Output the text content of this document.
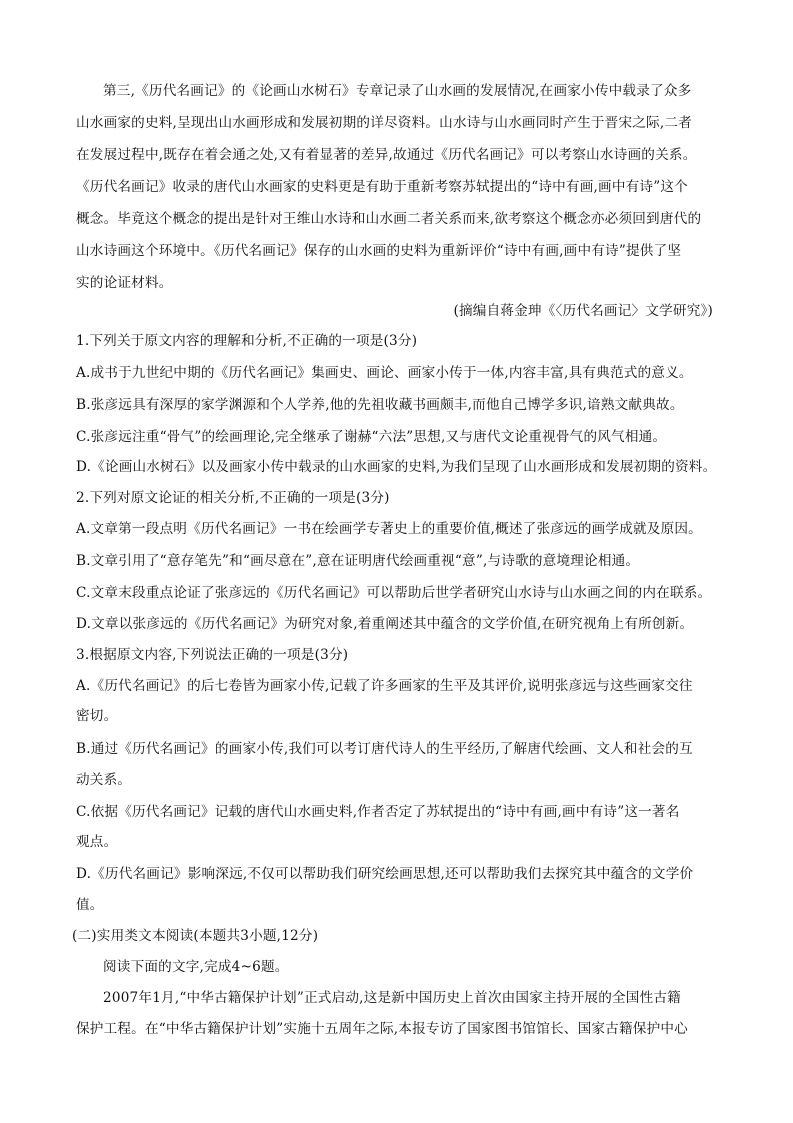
第三,《历代名画记》的《论画山水树石》专章记录了山水画的发展情况,在画家小传中载录了众多
山水画家的史料,呈现出山水画形成和发展初期的详尽资料。山水诗与山水画同时产生于晋宋之际,二者
在发展过程中,既存在着会通之处,又有着显著的差异,故通过《历代名画记》可以考察山水诗画的关系。
《历代名画记》收录的唐代山水画家的史料更是有助于重新考察苏轼提出的“诗中有画,画中有诗”这个
概念。毕竟这个概念的提出是针对王维山水诗和山水画二者关系而来,欲考察这个概念亦必须回到唐代的
山水诗画这个环境中。《历代名画记》保存的山水画的史料为重新评价“诗中有画,画中有诗”提供了坚
实的论证材料。
(摘编自蒋金珅《〈历代名画记〉文学研究》)
1.下列关于原文内容的理解和分析,不正确的一项是(3分)
A.成书于九世纪中期的《历代名画记》集画史、画论、画家小传于一体,内容丰富,具有典范式的意义。
B.张彦远具有深厚的家学渊源和个人学养,他的先祖收藏书画颇丰,而他自己博学多识,谙熟文献典故。
C.张彦远注重“骨气”的绘画理论,完全继承了谢赫“六法”思想,又与唐代文论重视骨气的风气相通。
D.《论画山水树石》以及画家小传中载录的山水画家的史料,为我们呈现了山水画形成和发展初期的资料。
2.下列对原文论证的相关分析,不正确的一项是(3分)
A.文章第一段点明《历代名画记》一书在绘画学专著史上的重要价值,概述了张彦远的画学成就及原因。
B.文章引用了“意存笔先”和“画尽意在”,意在证明唐代绘画重视“意”,与诗歌的意境理论相通。
C.文章末段重点论证了张彦远的《历代名画记》可以帮助后世学者研究山水诗与山水画之间的内在联系。
D.文章以张彦远的《历代名画记》为研究对象,着重阐述其中蕴含的文学价值,在研究视角上有所创新。
3.根据原文内容,下列说法正确的一项是(3分)
A.《历代名画记》的后七卷皆为画家小传,记载了许多画家的生平及其评价,说明张彦远与这些画家交往
密切。
B.通过《历代名画记》的画家小传,我们可以考订唐代诗人的生平经历,了解唐代绘画、文人和社会的互
动关系。
C.依据《历代名画记》记载的唐代山水画史料,作者否定了苏轼提出的“诗中有画,画中有诗”这一著名
观点。
D.《历代名画记》影响深远,不仅可以帮助我们研究绘画思想,还可以帮助我们去探究其中蕴含的文学价
值。
(二)实用类文本阅读(本题共3小题,12分)
阅读下面的文字,完成4~6题。
2007年1月,“中华古籍保护计划”正式启动,这是新中国历史上首次由国家主持开展的全国性古籍
保护工程。在“中华古籍保护计划”实施十五周年之际,本报专访了国家图书馆馆长、国家古籍保护中心
